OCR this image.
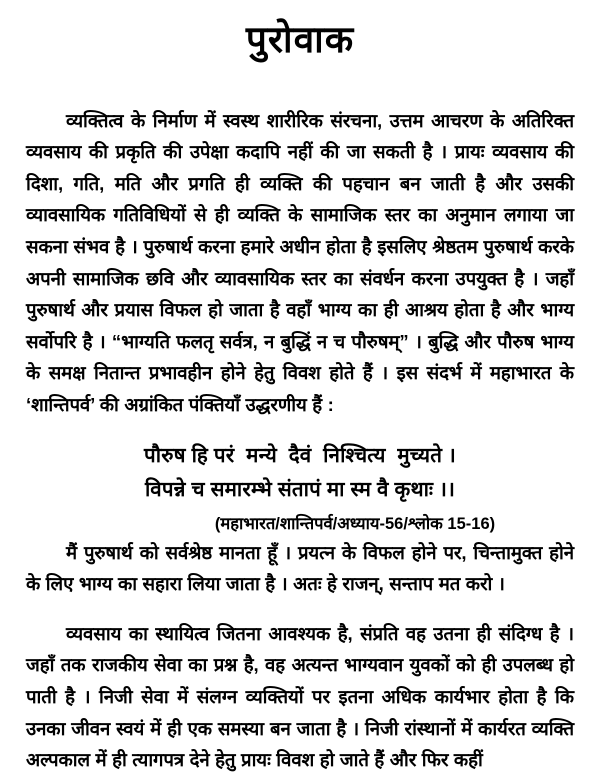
पुरोवाक

व्यक्तित्व के निर्माण में स्वस्थ शारीरिक संरचना, उत्तम आचरण के अतिरिक्त व्यवसाय की प्रकृति की उपेक्षा कदापि नहीं की जा सकती है । प्रायः व्यवसाय की दिशा, गति, मति और प्रगति ही व्यक्ति की पहचान बन जाती है और उसकी व्यावसायिक गतिविधियों से ही व्यक्ति के सामाजिक स्तर का अनुमान लगाया जा सकना संभव है । पुरुषार्थ करना हमारे अधीन होता है इसलिए श्रेष्ठतम पुरुषार्थ करके अपनी सामाजिक छवि और व्यावसायिक स्तर का संवर्धन करना उपयुक्त है । जहाँ पुरुषार्थ और प्रयास विफल हो जाता है वहाँ भाग्य का ही आश्रय होता है और भाग्य सर्वोपरि है । “भाग्यति फलतृ सर्वत्र, न बुद्धिं न च पौरुषम्” । बुद्धि और पौरुष भाग्य के समक्ष नितान्त प्रभावहीन होने हेतु विवश होते हैं । इस संदर्भ में महाभारत के ‘शान्तिपर्व’ की अग्रांकित पंक्तियाँ उद्धरणीय हैं :

पौरुष हि परं  मन्ये  दैवं  निश्चित्य  मुच्यते ।
विपन्ने च समारम्भे संतापं मा स्म वै कृथाः ।।
(महाभारत/शान्तिपर्व/अध्याय-56/श्लोक 15-16)

मैं पुरुषार्थ को सर्वश्रेष्ठ मानता हूँ । प्रयत्न के विफल होने पर, चिन्तामुक्त होने के लिए भाग्य का सहारा लिया जाता है । अतः हे राजन्, सन्ताप मत करो ।

व्यवसाय का स्थायित्व जितना आवश्यक है, संप्रति वह उतना ही संदिग्ध है । जहाँ तक राजकीय सेवा का प्रश्न है, वह अत्यन्त भाग्यवान युवकों को ही उपलब्ध हो पाती है । निजी सेवा में संलग्न व्यक्तियों पर इतना अधिक कार्यभार होता है कि उनका जीवन स्वयं में ही एक समस्या बन जाता है । निजी रांस्थानों में कार्यरत व्यक्ति अल्पकाल में ही त्यागपत्र देने हेतु प्रायः विवश हो जाते हैं और फिर कहीं
